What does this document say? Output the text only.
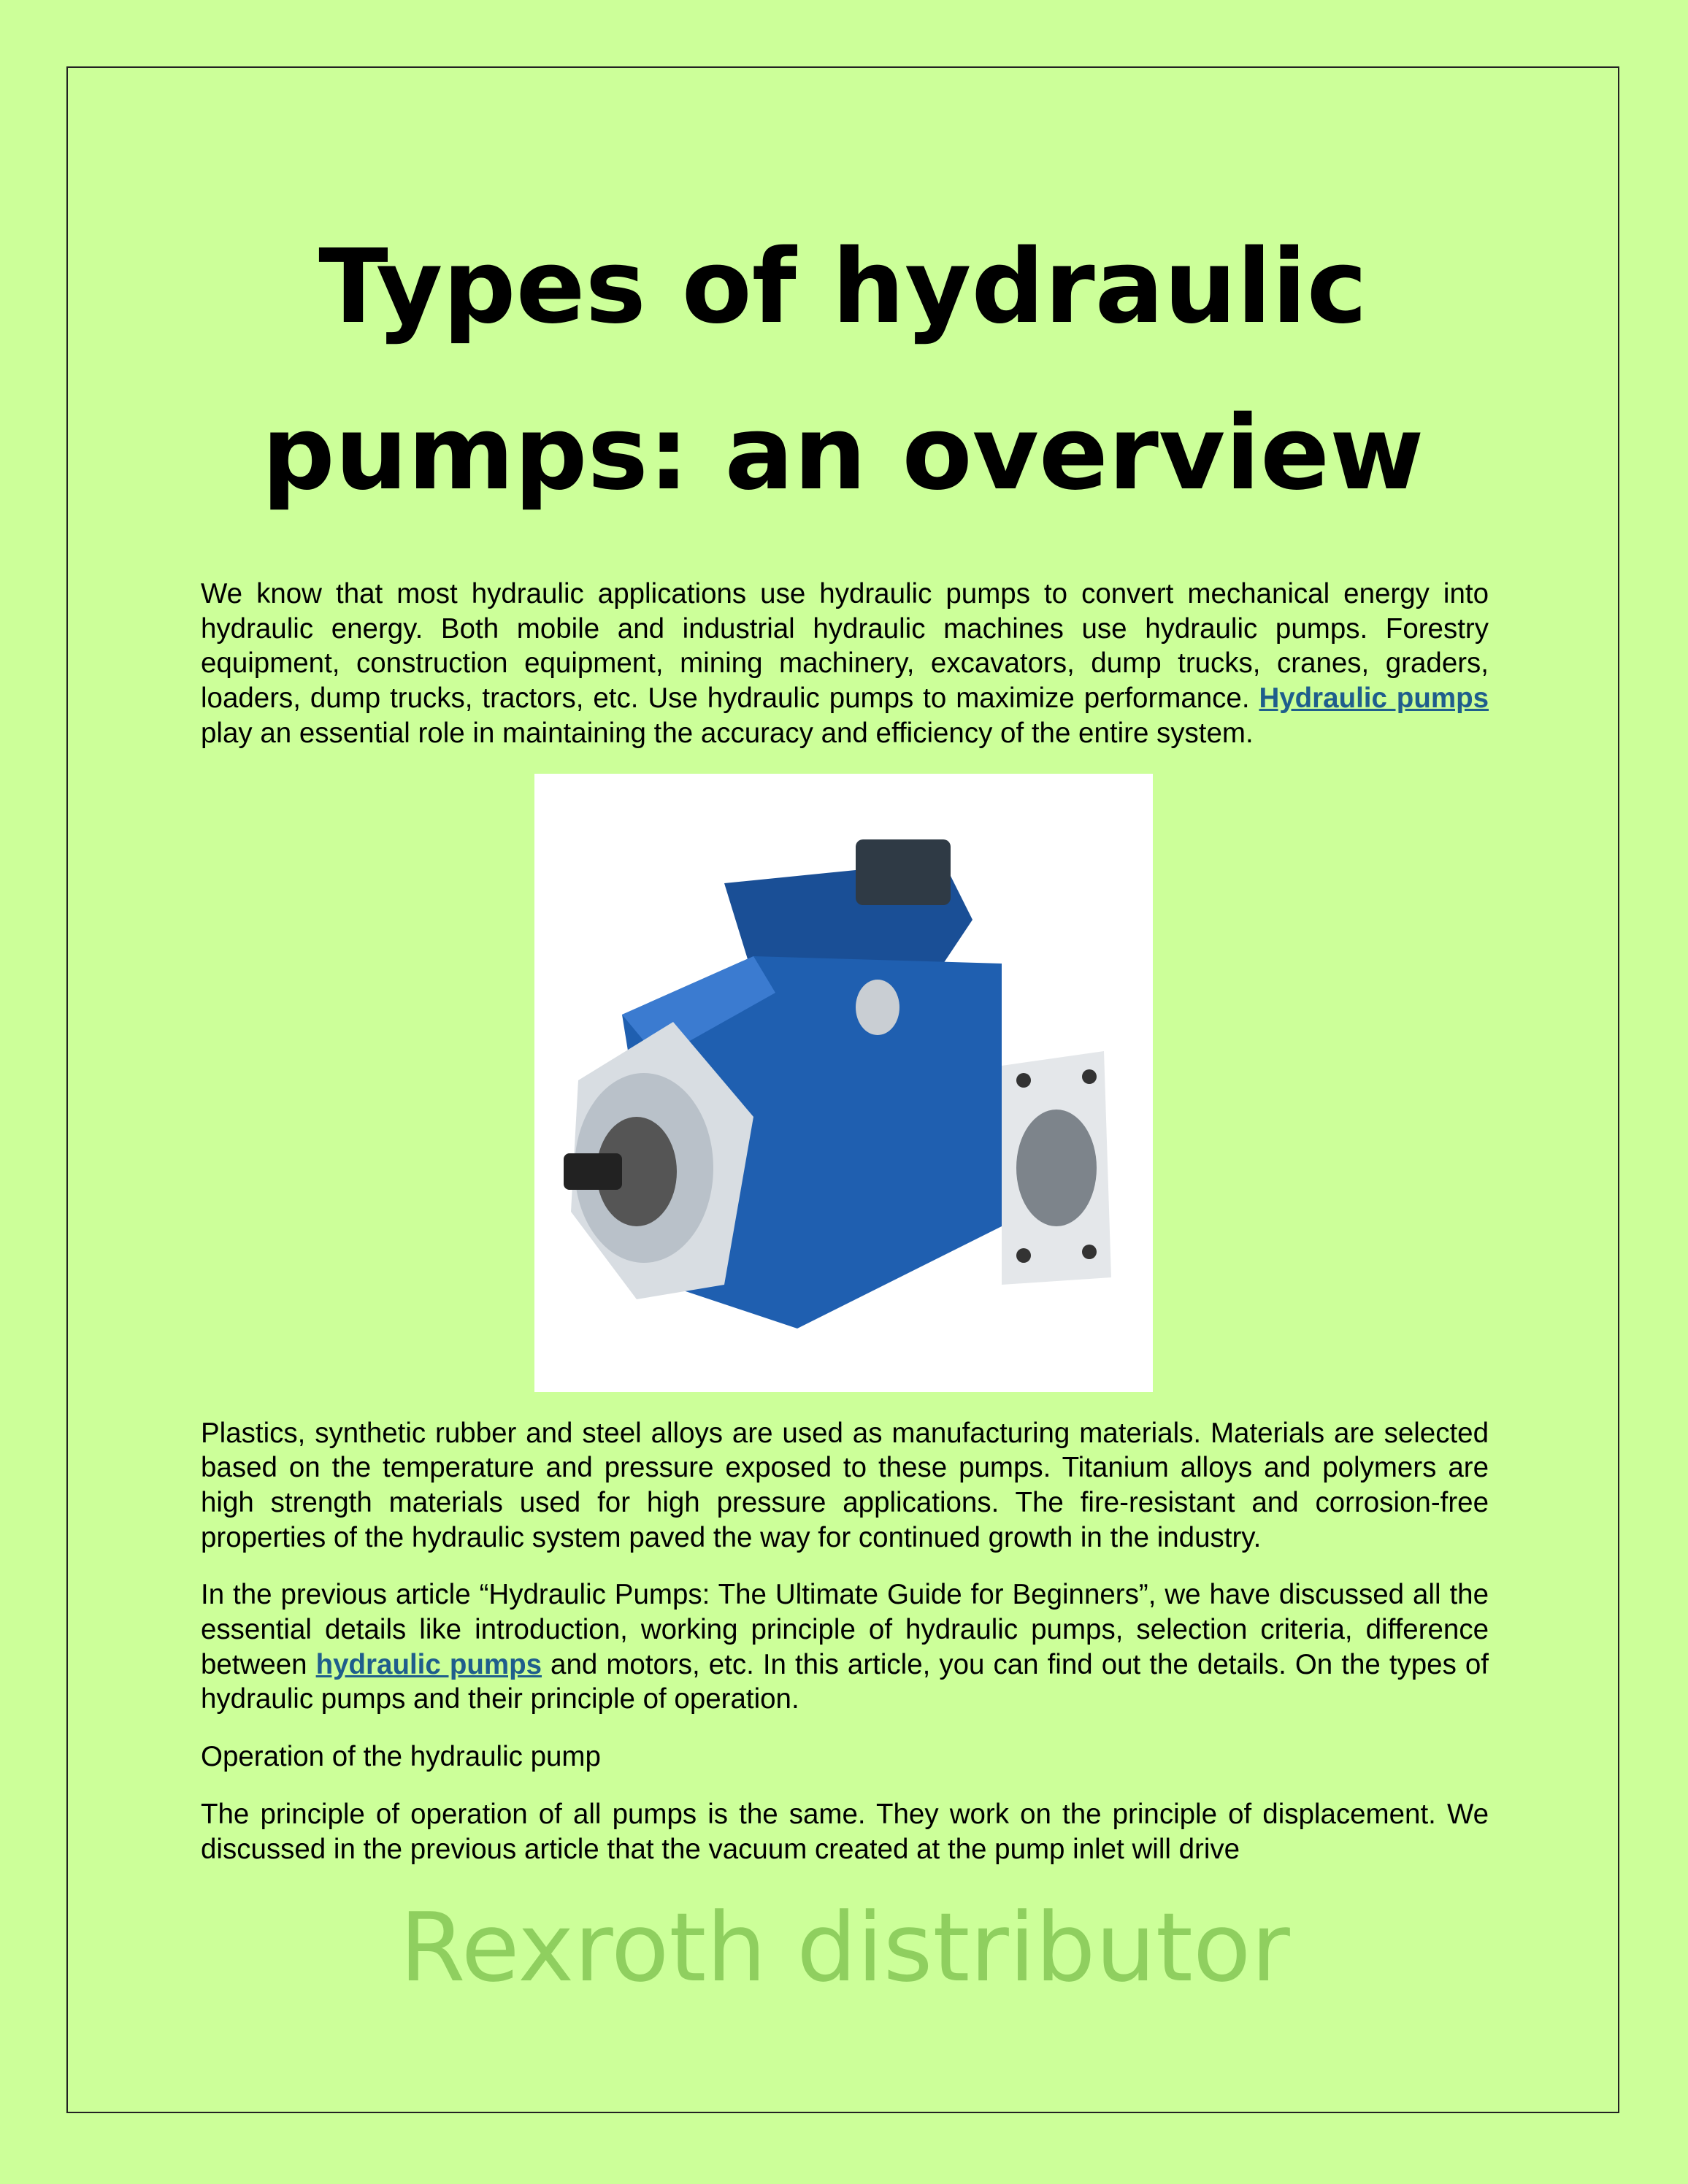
Types of hydraulic
pumps: an overview

We know that most hydraulic applications use hydraulic pumps to convert mechanical energy into hydraulic energy. Both mobile and industrial hydraulic machines use hydraulic pumps. Forestry equipment, construction equipment, mining machinery, excavators, dump trucks, cranes, graders, loaders, dump trucks, tractors, etc. Use hydraulic pumps to maximize performance. Hydraulic pumps play an essential role in maintaining the accuracy and efficiency of the entire system.

Plastics, synthetic rubber and steel alloys are used as manufacturing materials. Materials are selected based on the temperature and pressure exposed to these pumps. Titanium alloys and polymers are high strength materials used for high pressure applications. The fire-resistant and corrosion-free properties of the hydraulic system paved the way for continued growth in the industry.

In the previous article “Hydraulic Pumps: The Ultimate Guide for Beginners”, we have discussed all the essential details like introduction, working principle of hydraulic pumps, selection criteria, difference between hydraulic pumps and motors, etc. In this article, you can find out the details. On the types of hydraulic pumps and their principle of operation.

Operation of the hydraulic pump

The principle of operation of all pumps is the same. They work on the principle of displacement. We discussed in the previous article that the vacuum created at the pump inlet will drive

Rexroth distributor
